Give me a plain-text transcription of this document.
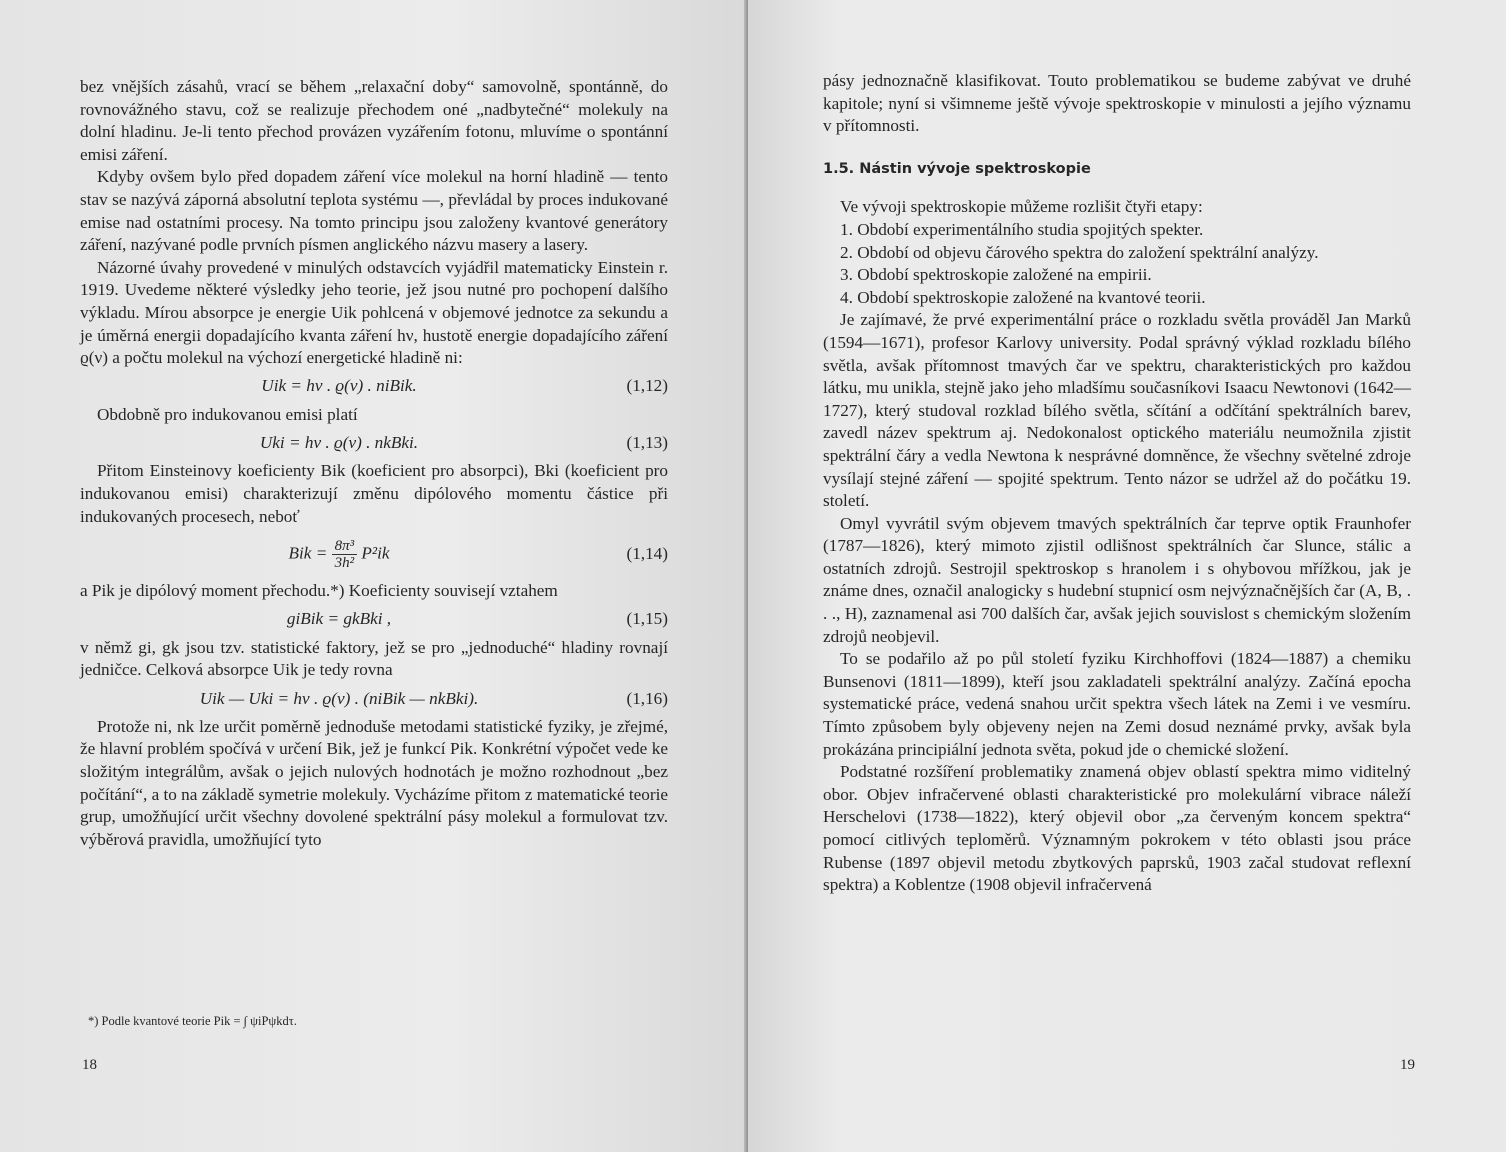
bez vnějších zásahů, vrací se během „relaxační doby“ samovolně, spontánně, do rovnovážného stavu, což se realizuje přechodem oné „nadbytečné“ molekuly na dolní hladinu. Je-li tento přechod provázen vyzářením fotonu, mluvíme o spontánní emisi záření.

Kdyby ovšem bylo před dopadem záření více molekul na horní hladině — tento stav se nazývá záporná absolutní teplota systému —, převládal by proces indukované emise nad ostatními procesy. Na tomto principu jsou založeny kvantové generátory záření, nazývané podle prvních písmen anglického názvu masery a lasery.

Názorné úvahy provedené v minulých odstavcích vyjádřil matematicky Einstein r. 1919. Uvedeme některé výsledky jeho teorie, jež jsou nutné pro pochopení dalšího výkladu. Mírou absorpce je energie Uik pohlcená v objemové jednotce za sekundu a je úměrná energii dopadajícího kvanta záření hν, hustotě energie dopadajícího záření ϱ(ν) a počtu molekul na výchozí energetické hladině ni:

Uik = hν . ϱ(ν) . niBik.	(1,12)

Obdobně pro indukovanou emisi platí

Uki = hν . ϱ(ν) . nkBki.	(1,13)

Přitom Einsteinovy koeficienty Bik (koeficient pro absorpci), Bki (koeficient pro indukovanou emisi) charakterizují změnu dipólového momentu částice při indukovaných procesech, neboť

Bik = $\frac{\text{8π³}}{\text{3h²}} P^2ik$	(1,14)

a Pik je dipólový moment přechodu.*) Koeficienty souvisejí vztahem

giBik = gkBki ,	(1,15)

v němž gi, gk jsou tzv. statistické faktory, jež se pro „jednoduché“ hladiny rovnají jedničce. Celková absorpce Uik je tedy rovna

Uik — Uki = hν . ϱ(ν) . (niBik — nkBki).	(1,16)

Protože ni, nk lze určit poměrně jednoduše metodami statistické fyziky, je zřejmé, že hlavní problém spočívá v určení Bik, jež je funkcí Pik. Konkrétní výpočet vede ke složitým integrálům, avšak o jejich nulových hodnotách je možno rozhodnout „bez počítání“, a to na základě symetrie molekuly. Vycházíme přitom z matematické teorie grup, umožňující určit všechny dovolené spektrální pásy molekul a formulovat tzv. výběrová pravidla, umožňující tyto

*) Podle kvantové teorie Pik = ∫ ψiPψkdτ.
18

pásy jednoznačně klasifikovat. Touto problematikou se budeme zabývat ve druhé kapitole; nyní si všimneme ještě vývoje spektroskopie v minulosti a jejího významu v přítomnosti.

1.5. Nástin vývoje spektroskopie

Ve vývoji spektroskopie můžeme rozlišit čtyři etapy:

1. Období experimentálního studia spojitých spekter.

2. Období od objevu čárového spektra do založení spektrální analýzy.

3. Období spektroskopie založené na empirii.

4. Období spektroskopie založené na kvantové teorii.

Je zajímavé, že prvé experimentální práce o rozkladu světla prováděl Jan Marků (1594—1671), profesor Karlovy university. Podal správný výklad rozkladu bílého světla, avšak přítomnost tmavých čar ve spektru, charakteristických pro každou látku, mu unikla, stejně jako jeho mladšímu současníkovi Isaacu Newtonovi (1642—1727), který studoval rozklad bílého světla, sčítání a odčítání spektrálních barev, zavedl název spektrum aj. Nedokonalost optického materiálu neumožnila zjistit spektrální čáry a vedla Newtona k nesprávné domněnce, že všechny světelné zdroje vysílají stejné záření — spojité spektrum. Tento názor se udržel až do počátku 19. století.

Omyl vyvrátil svým objevem tmavých spektrálních čar teprve optik Fraunhofer (1787—1826), který mimoto zjistil odlišnost spektrálních čar Slunce, stálic a ostatních zdrojů. Sestrojil spektroskop s hranolem i s ohybovou mřížkou, jak je známe dnes, označil analogicky s hudební stupnicí osm nejvýznačnějších čar (A, B, . . ., H), zaznamenal asi 700 dalších čar, avšak jejich souvislost s chemickým složením zdrojů neobjevil.

To se podařilo až po půl století fyziku Kirchhoffovi (1824—1887) a chemiku Bunsenovi (1811—1899), kteří jsou zakladateli spektrální analýzy. Začíná epocha systematické práce, vedená snahou určit spektra všech látek na Zemi i ve vesmíru. Tímto způsobem byly objeveny nejen na Zemi dosud neznámé prvky, avšak byla prokázána principiální jednota světa, pokud jde o chemické složení.

Podstatné rozšíření problematiky znamená objev oblastí spektra mimo viditelný obor. Objev infračervené oblasti charakteristické pro molekulární vibrace náleží Herschelovi (1738—1822), který objevil obor „za červeným koncem spektra“ pomocí citlivých teploměrů. Významným pokrokem v této oblasti jsou práce Rubense (1897 objevil metodu zbytkových paprsků, 1903 začal studovat reflexní spektra) a Koblentze (1908 objevil infračervená

19
